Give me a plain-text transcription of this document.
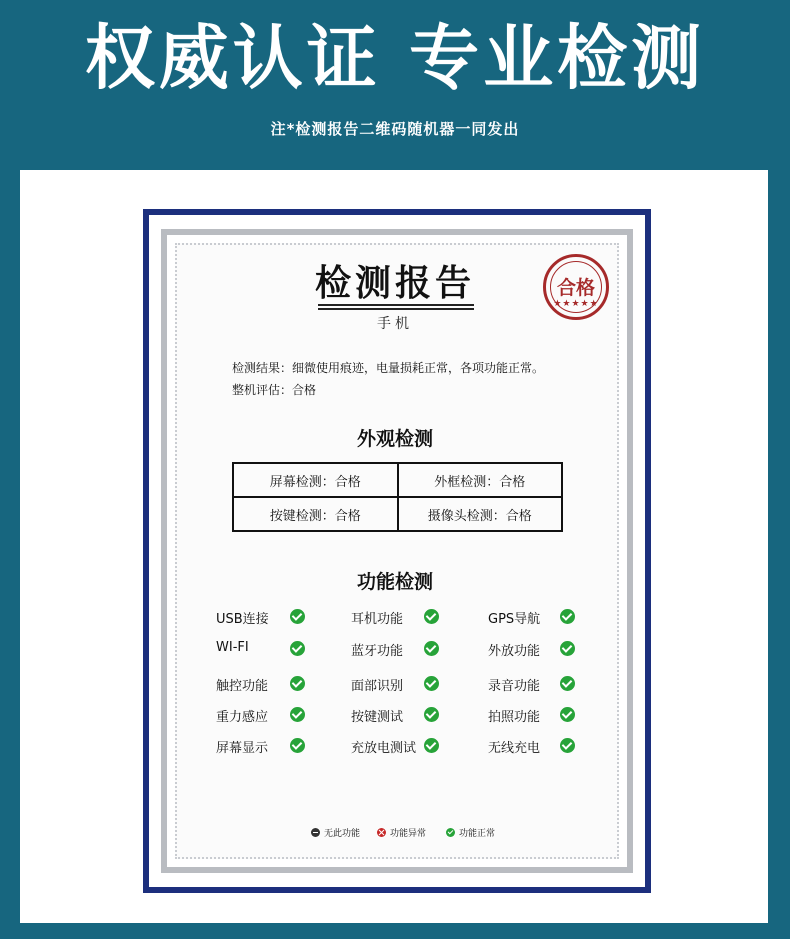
权威认证 专业检测
注*检测报告二维码随机器一同发出
检测报告
手机
合格
★★★★★
检测结果：细微使用痕迹，电量损耗正常，各项功能正常。
整机评估：合格
外观检测
屏幕检测：合格	外框检测：合格
按键检测：合格	摄像头检测：合格
功能检测
USB连接	耳机功能	GPS导航
WI-FI	蓝牙功能	外放功能
触控功能	面部识别	录音功能
重力感应	按键测试	拍照功能
屏幕显示	充放电测试	无线充电
无此功能	功能异常	功能正常
